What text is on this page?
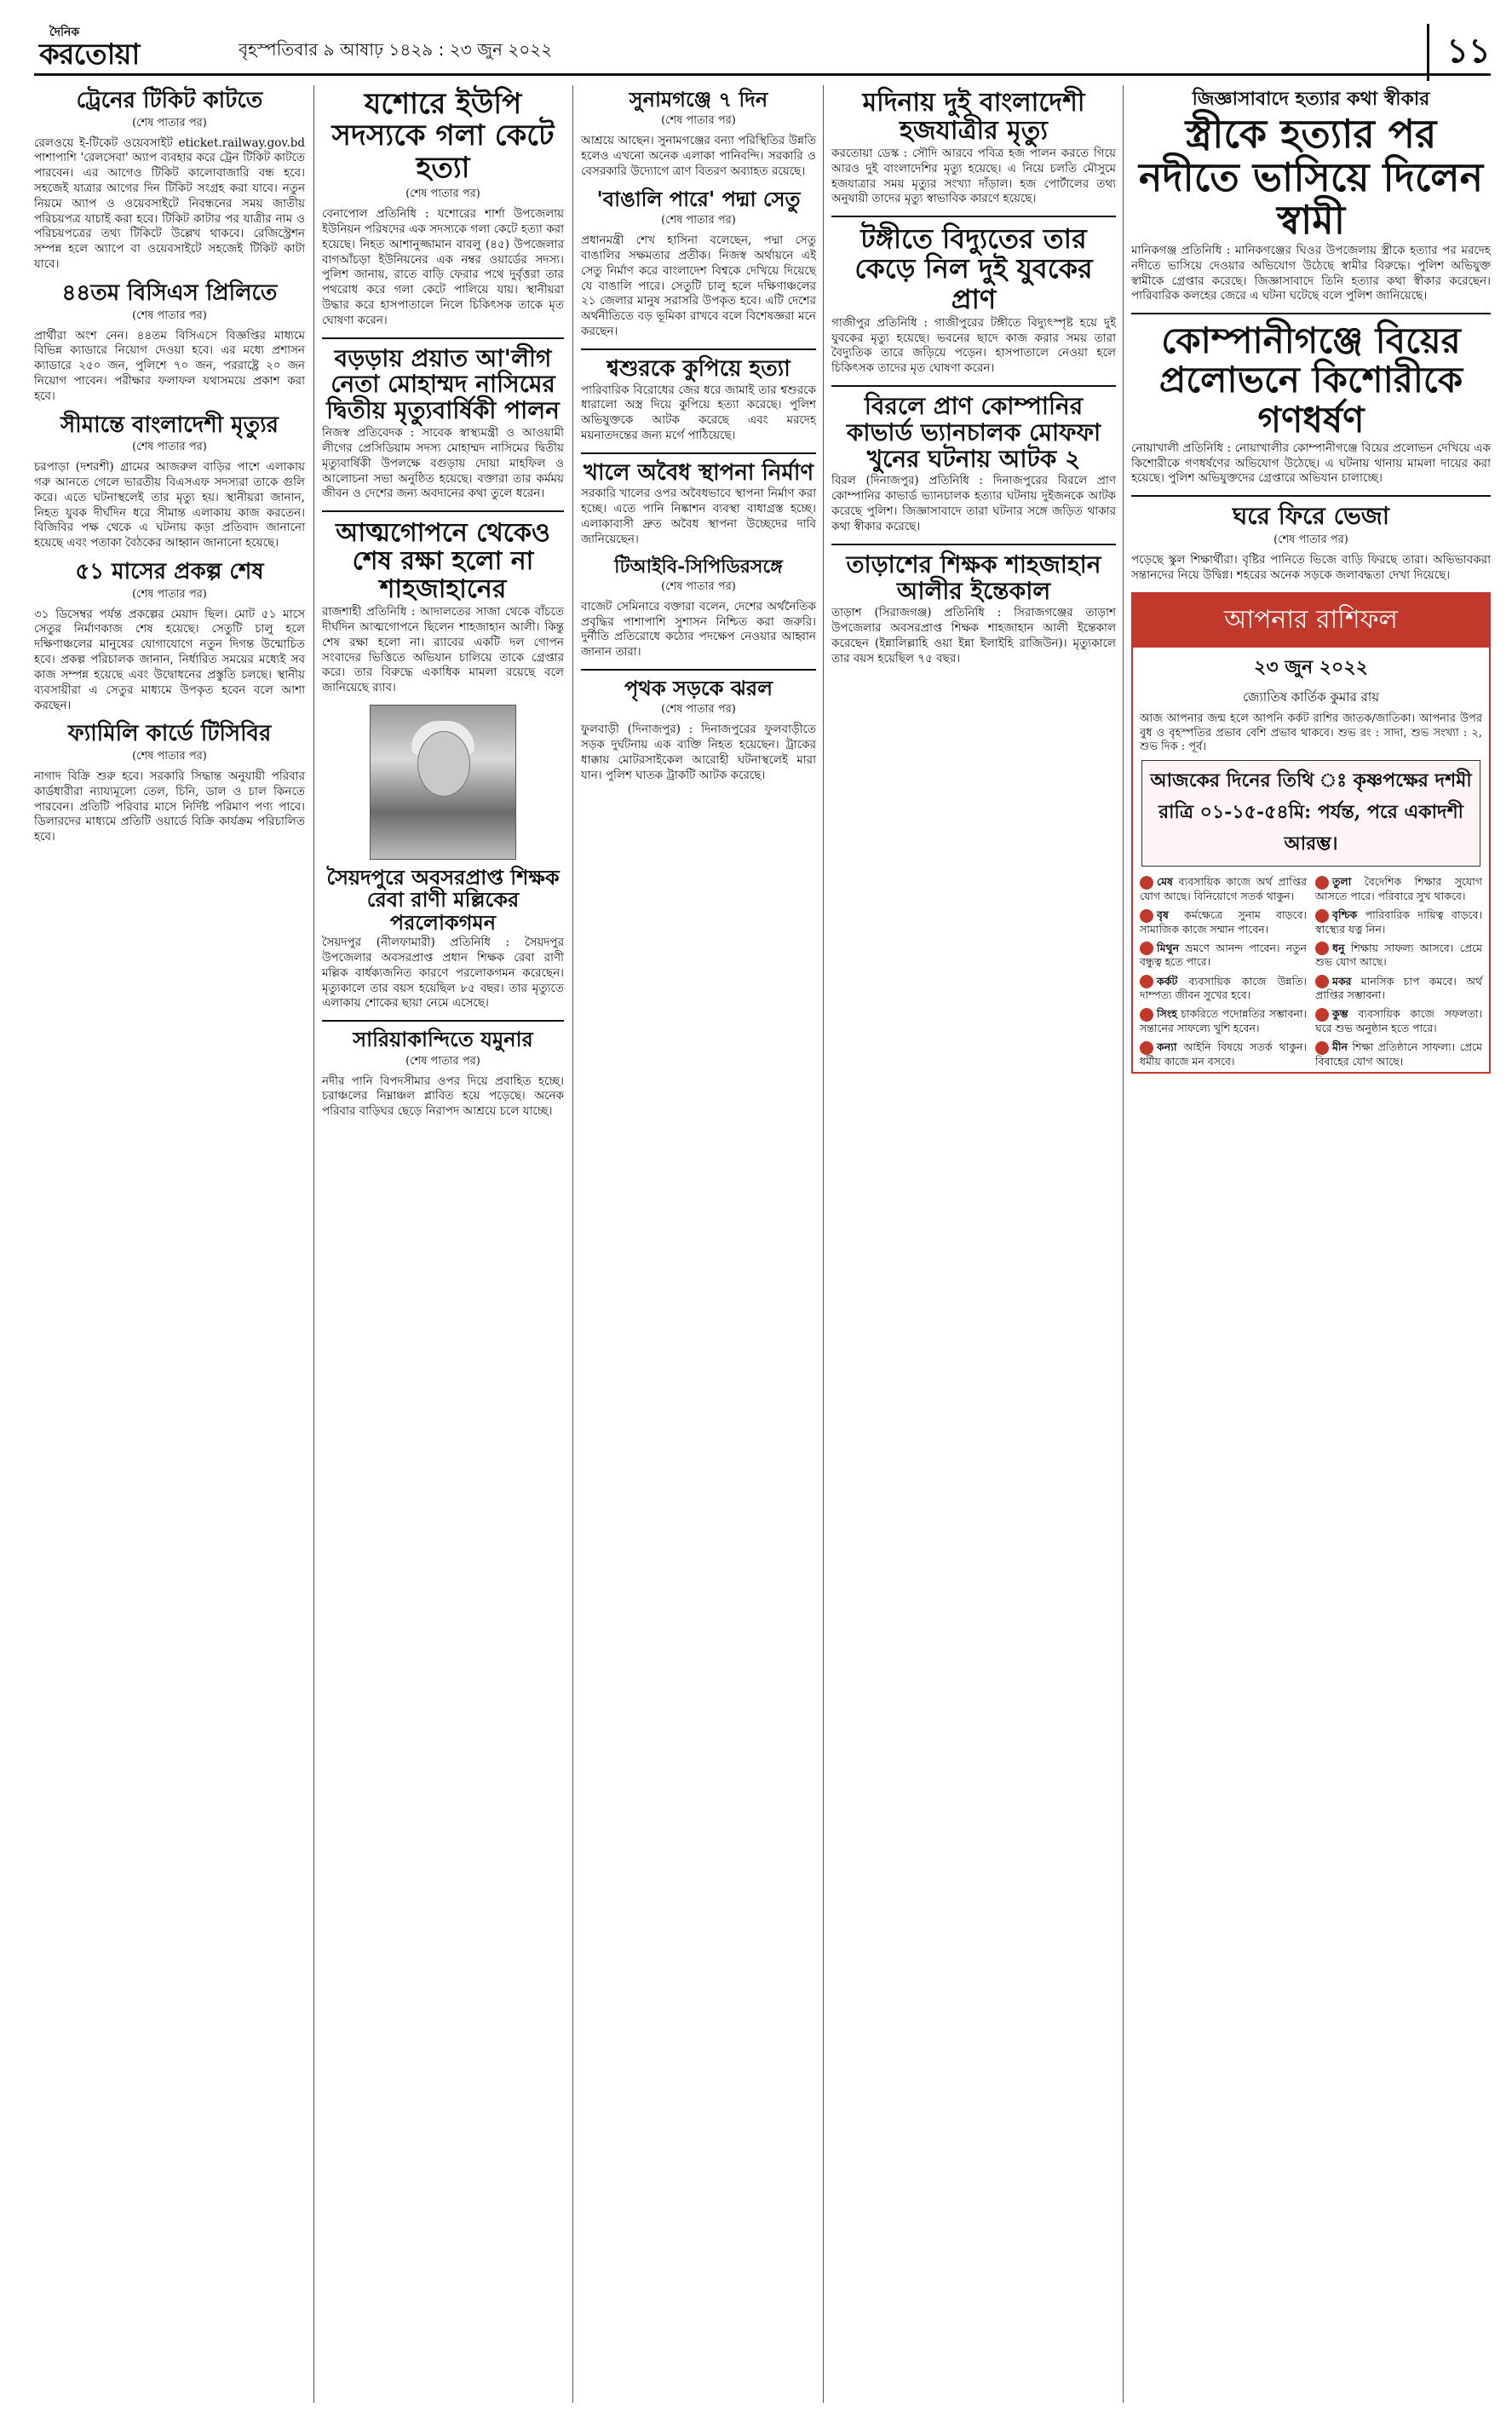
দৈনিক
করতোয়া	বৃহস্পতিবার ৯ আষাঢ় ১৪২৯ : ২৩ জুন ২০২২	১১
ট্রেনের টিকিট কাটতে
(শেষ পাতার পর)

রেলওয়ে ই-টিকেট ওয়েবসাইট eticket.railway.gov.bd পাশাপাশি 'রেলসেবা' অ্যাপ ব্যবহার করে ট্রেন টিকিট কাটতে পারবেন। এর আগেও টিকিট কালোবাজারি বন্ধ হবে। সহজেই যাত্রার আগের দিন টিকিট সংগ্রহ করা যাবে। নতুন নিয়মে অ্যাপ ও ওয়েবসাইটে নিবন্ধনের সময় জাতীয় পরিচয়পত্র যাচাই করা হবে। টিকিট কাটার পর যাত্রীর নাম ও পরিচয়পত্রের তথ্য টিকিটে উল্লেখ থাকবে। রেজিস্ট্রেশন সম্পন্ন হলে অ্যাপে বা ওয়েবসাইটে সহজেই টিকিট কাটা যাবে।

৪৪তম বিসিএস প্রিলিতে
(শেষ পাতার পর)

প্রার্থীরা অংশ নেন। ৪৪তম বিসিএসে বিজ্ঞপ্তির মাধ্যমে বিভিন্ন ক্যাডারে নিয়োগ দেওয়া হবে। এর মধ্যে প্রশাসন ক্যাডারে ২৫০ জন, পুলিশে ৭০ জন, পররাষ্ট্রে ২০ জন নিয়োগ পাবেন। পরীক্ষার ফলাফল যথাসময়ে প্রকাশ করা হবে।

সীমান্তে বাংলাদেশী মৃত্যুর
(শেষ পাতার পর)

চরপাড়া (দশরশী) গ্রামের আজরুল বাড়ির পাশে এলাকায় গরু আনতে গেলে ভারতীয় বিএসএফ সদস্যরা তাকে গুলি করে। এতে ঘটনাস্থলেই তার মৃত্যু হয়। স্থানীয়রা জানান, নিহত যুবক দীর্ঘদিন ধরে সীমান্ত এলাকায় কাজ করতেন। বিজিবির পক্ষ থেকে এ ঘটনায় কড়া প্রতিবাদ জানানো হয়েছে এবং পতাকা বৈঠকের আহ্বান জানানো হয়েছে।

৫১ মাসের প্রকল্প শেষ
(শেষ পাতার পর)

৩১ ডিসেম্বর পর্যন্ত প্রকল্পের মেয়াদ ছিল। মোট ৫১ মাসে সেতুর নির্মাণকাজ শেষ হয়েছে। সেতুটি চালু হলে দক্ষিণাঞ্চলের মানুষের যোগাযোগে নতুন দিগন্ত উন্মোচিত হবে। প্রকল্প পরিচালক জানান, নির্ধারিত সময়ের মধ্যেই সব কাজ সম্পন্ন হয়েছে এবং উদ্বোধনের প্রস্তুতি চলছে। স্থানীয় ব্যবসায়ীরা এ সেতুর মাধ্যমে উপকৃত হবেন বলে আশা করছেন।

ফ্যামিলি কার্ডে টিসিবির
(শেষ পাতার পর)

নাগাদ বিক্রি শুরু হবে। সরকারি সিদ্ধান্ত অনুযায়ী পরিবার কার্ডধারীরা ন্যায্যমূল্যে তেল, চিনি, ডাল ও চাল কিনতে পারবেন। প্রতিটি পরিবার মাসে নির্দিষ্ট পরিমাণ পণ্য পাবে। ডিলারদের মাধ্যমে প্রতিটি ওয়ার্ডে বিক্রি কার্যক্রম পরিচালিত হবে।

যশোরে ইউপি সদস্যকে গলা কেটে হত্যা
(শেষ পাতার পর)

বেনাপোল প্রতিনিধি : যশোরের শার্শা উপজেলায় ইউনিয়ন পরিষদের এক সদস্যকে গলা কেটে হত্যা করা হয়েছে। নিহত আশানুজ্জামান বাবলু (৪৫) উপজেলার বাগআঁচড়া ইউনিয়নের এক নম্বর ওয়ার্ডের সদস্য। পুলিশ জানায়, রাতে বাড়ি ফেরার পথে দুর্বৃত্তরা তার পথরোধ করে গলা কেটে পালিয়ে যায়। স্থানীয়রা উদ্ধার করে হাসপাতালে নিলে চিকিৎসক তাকে মৃত ঘোষণা করেন।

বড়ড়ায় প্রয়াত আ'লীগ নেতা মোহাম্মদ নাসিমের দ্বিতীয় মৃত্যুবার্ষিকী পালন

নিজস্ব প্রতিবেদক : সাবেক স্বাস্থ্যমন্ত্রী ও আওয়ামী লীগের প্রেসিডিয়াম সদস্য মোহাম্মদ নাসিমের দ্বিতীয় মৃত্যুবার্ষিকী উপলক্ষে বগুড়ায় দোয়া মাহফিল ও আলোচনা সভা অনুষ্ঠিত হয়েছে। বক্তারা তার কর্মময় জীবন ও দেশের জন্য অবদানের কথা তুলে ধরেন।

আত্মগোপনে থেকেও শেষ রক্ষা হলো না শাহজাহানের

রাজশাহী প্রতিনিধি : আদালতের সাজা থেকে বাঁচতে দীর্ঘদিন আত্মগোপনে ছিলেন শাহজাহান আলী। কিন্তু শেষ রক্ষা হলো না। র‍্যাবের একটি দল গোপন সংবাদের ভিত্তিতে অভিযান চালিয়ে তাকে গ্রেপ্তার করে। তার বিরুদ্ধে একাধিক মামলা রয়েছে বলে জানিয়েছে র‍্যাব।

সৈয়দপুরে অবসরপ্রাপ্ত শিক্ষক রেবা রাণী মল্লিকের পরলোকগমন

সৈয়দপুর (নীলফামারী) প্রতিনিধি : সৈয়দপুর উপজেলার অবসরপ্রাপ্ত প্রধান শিক্ষক রেবা রাণী মল্লিক বার্ধক্যজনিত কারণে পরলোকগমন করেছেন। মৃত্যুকালে তার বয়স হয়েছিল ৮৫ বছর। তার মৃত্যুতে এলাকায় শোকের ছায়া নেমে এসেছে।

সারিয়াকান্দিতে যমুনার
(শেষ পাতার পর)

নদীর পানি বিপদসীমার ওপর দিয়ে প্রবাহিত হচ্ছে। চরাঞ্চলের নিম্নাঞ্চল প্লাবিত হয়ে পড়েছে। অনেক পরিবার বাড়িঘর ছেড়ে নিরাপদ আশ্রয়ে চলে যাচ্ছে।

সুনামগঞ্জে ৭ দিন
(শেষ পাতার পর)

আশ্রয়ে আছেন। সুনামগঞ্জের বন্যা পরিস্থিতির উন্নতি হলেও এখনো অনেক এলাকা পানিবন্দি। সরকারি ও বেসরকারি উদ্যোগে ত্রাণ বিতরণ অব্যাহত রয়েছে।

'বাঙালি পারে' পদ্মা সেতু
(শেষ পাতার পর)

প্রধানমন্ত্রী শেখ হাসিনা বলেছেন, পদ্মা সেতু বাঙালির সক্ষমতার প্রতীক। নিজস্ব অর্থায়নে এই সেতু নির্মাণ করে বাংলাদেশ বিশ্বকে দেখিয়ে দিয়েছে যে বাঙালি পারে। সেতুটি চালু হলে দক্ষিণাঞ্চলের ২১ জেলার মানুষ সরাসরি উপকৃত হবে। এটি দেশের অর্থনীতিতে বড় ভূমিকা রাখবে বলে বিশেষজ্ঞরা মনে করছেন।

শ্বশুরকে কুপিয়ে হত্যা

পারিবারিক বিরোধের জের ধরে জামাই তার শ্বশুরকে ধারালো অস্ত্র দিয়ে কুপিয়ে হত্যা করেছে। পুলিশ অভিযুক্তকে আটক করেছে এবং মরদেহ ময়নাতদন্তের জন্য মর্গে পাঠিয়েছে।

খালে অবৈধ স্থাপনা নির্মাণ

সরকারি খালের ওপর অবৈধভাবে স্থাপনা নির্মাণ করা হচ্ছে। এতে পানি নিষ্কাশন ব্যবস্থা বাধাগ্রস্ত হচ্ছে। এলাকাবাসী দ্রুত অবৈধ স্থাপনা উচ্ছেদের দাবি জানিয়েছেন।

টিআইবি-সিপিডিরসঙ্গে
(শেষ পাতার পর)

বাজেট সেমিনারে বক্তারা বলেন, দেশের অর্থনৈতিক প্রবৃদ্ধির পাশাপাশি সুশাসন নিশ্চিত করা জরুরি। দুর্নীতি প্রতিরোধে কঠোর পদক্ষেপ নেওয়ার আহ্বান জানান তারা।

পৃথক সড়কে ঝরল
(শেষ পাতার পর)

ফুলবাড়ী (দিনাজপুর) : দিনাজপুরের ফুলবাড়ীতে সড়ক দুর্ঘটনায় এক ব্যক্তি নিহত হয়েছেন। ট্রাকের ধাক্কায় মোটরসাইকেল আরোহী ঘটনাস্থলেই মারা যান। পুলিশ ঘাতক ট্রাকটি আটক করেছে।

মদিনায় দুই বাংলাদেশী হজযাত্রীর মৃত্যু

করতোয়া ডেস্ক : সৌদি আরবে পবিত্র হজ পালন করতে গিয়ে আরও দুই বাংলাদেশির মৃত্যু হয়েছে। এ নিয়ে চলতি মৌসুমে হজযাত্রার সময় মৃত্যুর সংখ্যা দাঁড়াল। হজ পোর্টালের তথ্য অনুযায়ী তাদের মৃত্যু স্বাভাবিক কারণে হয়েছে।

টঙ্গীতে বিদ্যুতের তার কেড়ে নিল দুই যুবকের প্রাণ

গাজীপুর প্রতিনিধি : গাজীপুরের টঙ্গীতে বিদ্যুৎস্পৃষ্ট হয়ে দুই যুবকের মৃত্যু হয়েছে। ভবনের ছাদে কাজ করার সময় তারা বৈদ্যুতিক তারে জড়িয়ে পড়েন। হাসপাতালে নেওয়া হলে চিকিৎসক তাদের মৃত ঘোষণা করেন।

বিরলে প্রাণ কোম্পানির কাভার্ড ভ্যানচালক মোফফা খুনের ঘটনায় আটক ২

বিরল (দিনাজপুর) প্রতিনিধি : দিনাজপুরের বিরলে প্রাণ কোম্পানির কাভার্ড ভ্যানচালক হত্যার ঘটনায় দুইজনকে আটক করেছে পুলিশ। জিজ্ঞাসাবাদে তারা ঘটনার সঙ্গে জড়িত থাকার কথা স্বীকার করেছে।

তাড়াশের শিক্ষক শাহজাহান আলীর ইন্তেকাল

তাড়াশ (সিরাজগঞ্জ) প্রতিনিধি : সিরাজগঞ্জের তাড়াশ উপজেলার অবসরপ্রাপ্ত শিক্ষক শাহজাহান আলী ইন্তেকাল করেছেন (ইন্নালিল্লাহি ওয়া ইন্না ইলাইহি রাজিউন)। মৃত্যুকালে তার বয়স হয়েছিল ৭৫ বছর।

জিজ্ঞাসাবাদে হত্যার কথা স্বীকার
স্ত্রীকে হত্যার পর নদীতে ভাসিয়ে দিলেন স্বামী

মানিকগঞ্জ প্রতিনিধি : মানিকগঞ্জের ঘিওর উপজেলায় স্ত্রীকে হত্যার পর মরদেহ নদীতে ভাসিয়ে দেওয়ার অভিযোগ উঠেছে স্বামীর বিরুদ্ধে। পুলিশ অভিযুক্ত স্বামীকে গ্রেপ্তার করেছে। জিজ্ঞাসাবাদে তিনি হত্যার কথা স্বীকার করেছেন। পারিবারিক কলহের জেরে এ ঘটনা ঘটেছে বলে পুলিশ জানিয়েছে।

কোম্পানীগঞ্জে বিয়ের প্রলোভনে কিশোরীকে গণধর্ষণ

নোয়াখালী প্রতিনিধি : নোয়াখালীর কোম্পানীগঞ্জে বিয়ের প্রলোভন দেখিয়ে এক কিশোরীকে গণধর্ষণের অভিযোগ উঠেছে। এ ঘটনায় থানায় মামলা দায়ের করা হয়েছে। পুলিশ অভিযুক্তদের গ্রেপ্তারে অভিযান চালাচ্ছে।

ঘরে ফিরে ভেজা
(শেষ পাতার পর)

পড়েছে স্কুল শিক্ষার্থীরা। বৃষ্টির পানিতে ভিজে বাড়ি ফিরছে তারা। অভিভাবকরা সন্তানদের নিয়ে উদ্বিগ্ন। শহরের অনেক সড়কে জলাবদ্ধতা দেখা দিয়েছে।

আপনার রাশিফল
২৩ জুন ২০২২
জ্যোতিষ কার্তিক কুমার রায়
আজ আপনার জন্ম হলে আপনি কর্কট রাশির জাতক/জাতিকা। আপনার উপর বুধ ও বৃহস্পতির প্রভাব বেশি প্রভাব থাকবে। শুভ রং : সাদা, শুভ সংখ্যা : ২, শুভ দিক : পূর্ব।
আজকের দিনের তিথি ঃ কৃষ্ণপক্ষের দশমী রাত্রি ০১-১৫-৫৪মি: পর্যন্ত, পরে একাদশী আরম্ভ।
মেষ ব্যবসায়িক কাজে অর্থ প্রাপ্তির যোগ আছে। বিনিয়োগে সতর্ক থাকুন।
তুলা বৈদেশিক শিক্ষার সুযোগ আসতে পারে। পরিবারে সুখ থাকবে।
বৃষ কর্মক্ষেত্রে সুনাম বাড়বে। সামাজিক কাজে সম্মান পাবেন।
বৃশ্চিক পারিবারিক দায়িত্ব বাড়বে। স্বাস্থ্যের যত্ন নিন।
মিথুন ভ্রমণে আনন্দ পাবেন। নতুন বন্ধুত্ব হতে পারে।
ধনু শিক্ষায় সাফল্য আসবে। প্রেমে শুভ যোগ আছে।
কর্কট ব্যবসায়িক কাজে উন্নতি। দাম্পত্য জীবন সুখের হবে।
মকর মানসিক চাপ কমবে। অর্থ প্রাপ্তির সম্ভাবনা।
সিংহ চাকরিতে পদোন্নতির সম্ভাবনা। সন্তানের সাফল্যে খুশি হবেন।
কুম্ভ ব্যবসায়িক কাজে সফলতা। ঘরে শুভ অনুষ্ঠান হতে পারে।
কন্যা আইনি বিষয়ে সতর্ক থাকুন। ধর্মীয় কাজে মন বসবে।
মীন শিক্ষা প্রতিষ্ঠানে সাফল্য। প্রেমে বিবাহের যোগ আছে।
